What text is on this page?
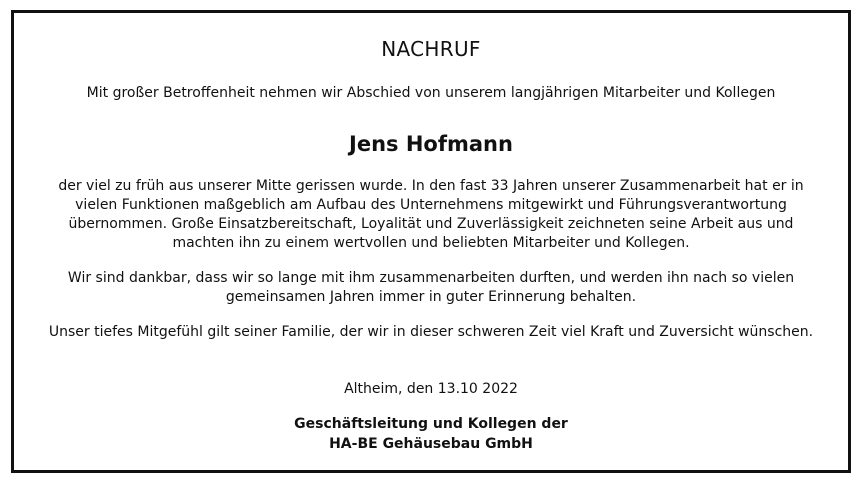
NACHRUF
Mit großer Betroffenheit nehmen wir Abschied von unserem langjährigen Mitarbeiter und Kollegen
Jens Hofmann
der viel zu früh aus unserer Mitte gerissen wurde. In den fast 33 Jahren unserer Zusammenarbeit hat er in vielen Funktionen maßgeblich am Aufbau des Unternehmens mitgewirkt und Führungsverantwortung übernommen. Große Einsatzbereitschaft, Loyalität und Zuverlässigkeit zeichneten seine Arbeit aus und machten ihn zu einem wertvollen und beliebten Mitarbeiter und Kollegen.
Wir sind dankbar, dass wir so lange mit ihm zusammenarbeiten durften, und werden ihn nach so vielen gemeinsamen Jahren immer in guter Erinnerung behalten.
Unser tiefes Mitgefühl gilt seiner Familie, der wir in dieser schweren Zeit viel Kraft und Zuversicht wünschen.
Altheim, den 13.10 2022
Geschäftsleitung und Kollegen der
HA-BE Gehäusebau GmbH
